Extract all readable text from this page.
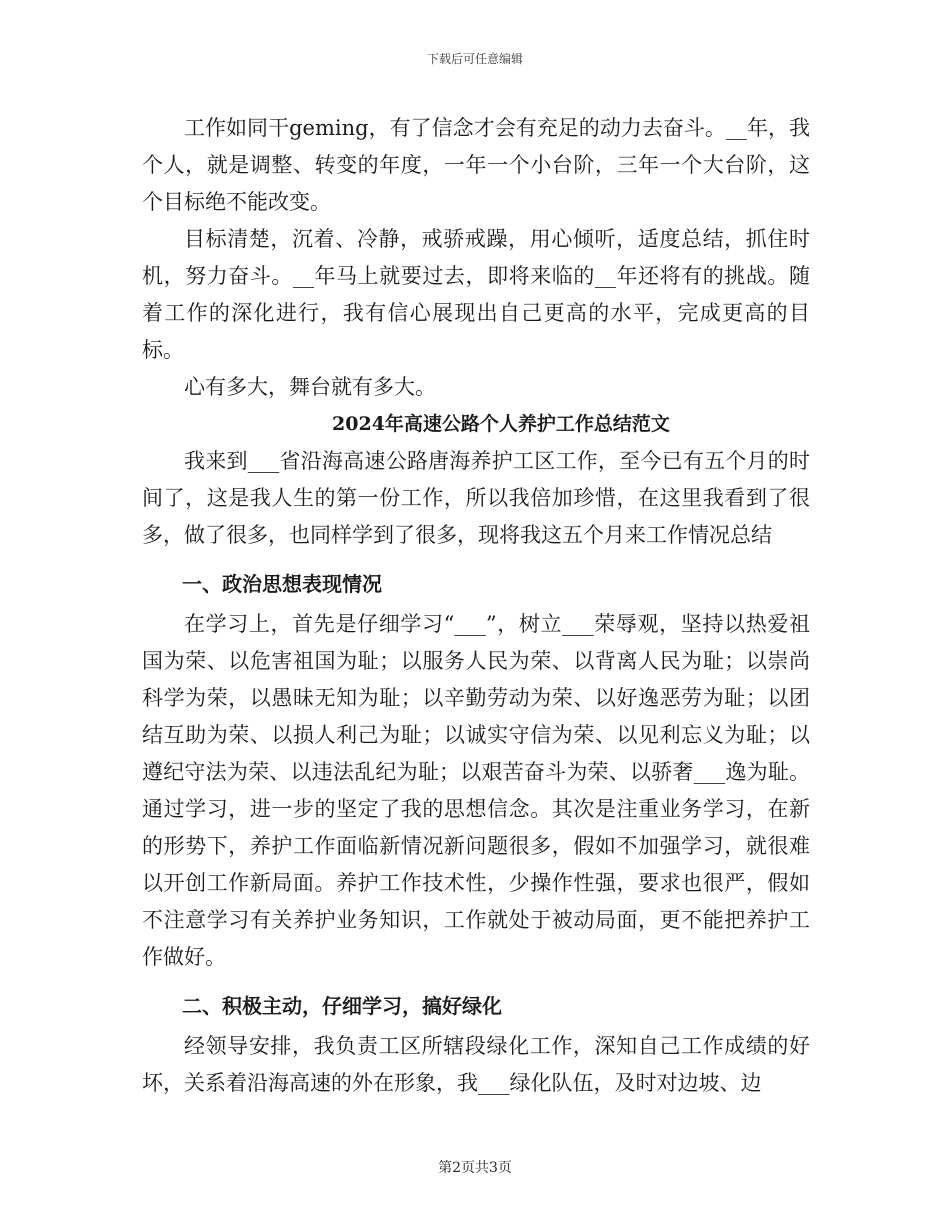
下载后可任意编辑

工作如同干geming，有了信念才会有充足的动力去奋斗。__年，我个人，就是调整、转变的年度，一年一个小台阶，三年一个大台阶，这个目标绝不能改变。

目标清楚，沉着、冷静，戒骄戒躁，用心倾听，适度总结，抓住时机，努力奋斗。__年马上就要过去，即将来临的__年还将有的挑战。随着工作的深化进行，我有信心展现出自己更高的水平，完成更高的目标。

心有多大，舞台就有多大。

2024年高速公路个人养护工作总结范文

我来到___省沿海高速公路唐海养护工区工作，至今已有五个月的时间了，这是我人生的第一份工作，所以我倍加珍惜，在这里我看到了很多，做了很多，也同样学到了很多，现将我这五个月来工作情况总结

一、政治思想表现情况

在学习上，首先是仔细学习“___”，树立___荣辱观，坚持以热爱祖国为荣、以危害祖国为耻；以服务人民为荣、以背离人民为耻；以崇尚科学为荣，以愚昧无知为耻；以辛勤劳动为荣、以好逸恶劳为耻；以团结互助为荣、以损人利己为耻；以诚实守信为荣、以见利忘义为耻；以遵纪守法为荣、以违法乱纪为耻；以艰苦奋斗为荣、以骄奢___逸为耻。通过学习，进一步的坚定了我的思想信念。其次是注重业务学习，在新的形势下，养护工作面临新情况新问题很多，假如不加强学习，就很难以开创工作新局面。养护工作技术性，少操作性强，要求也很严，假如不注意学习有关养护业务知识，工作就处于被动局面，更不能把养护工作做好。

二、积极主动，仔细学习，搞好绿化

经领导安排，我负责工区所辖段绿化工作，深知自己工作成绩的好坏，关系着沿海高速的外在形象，我___绿化队伍，及时对边坡、边

第2页共3页
